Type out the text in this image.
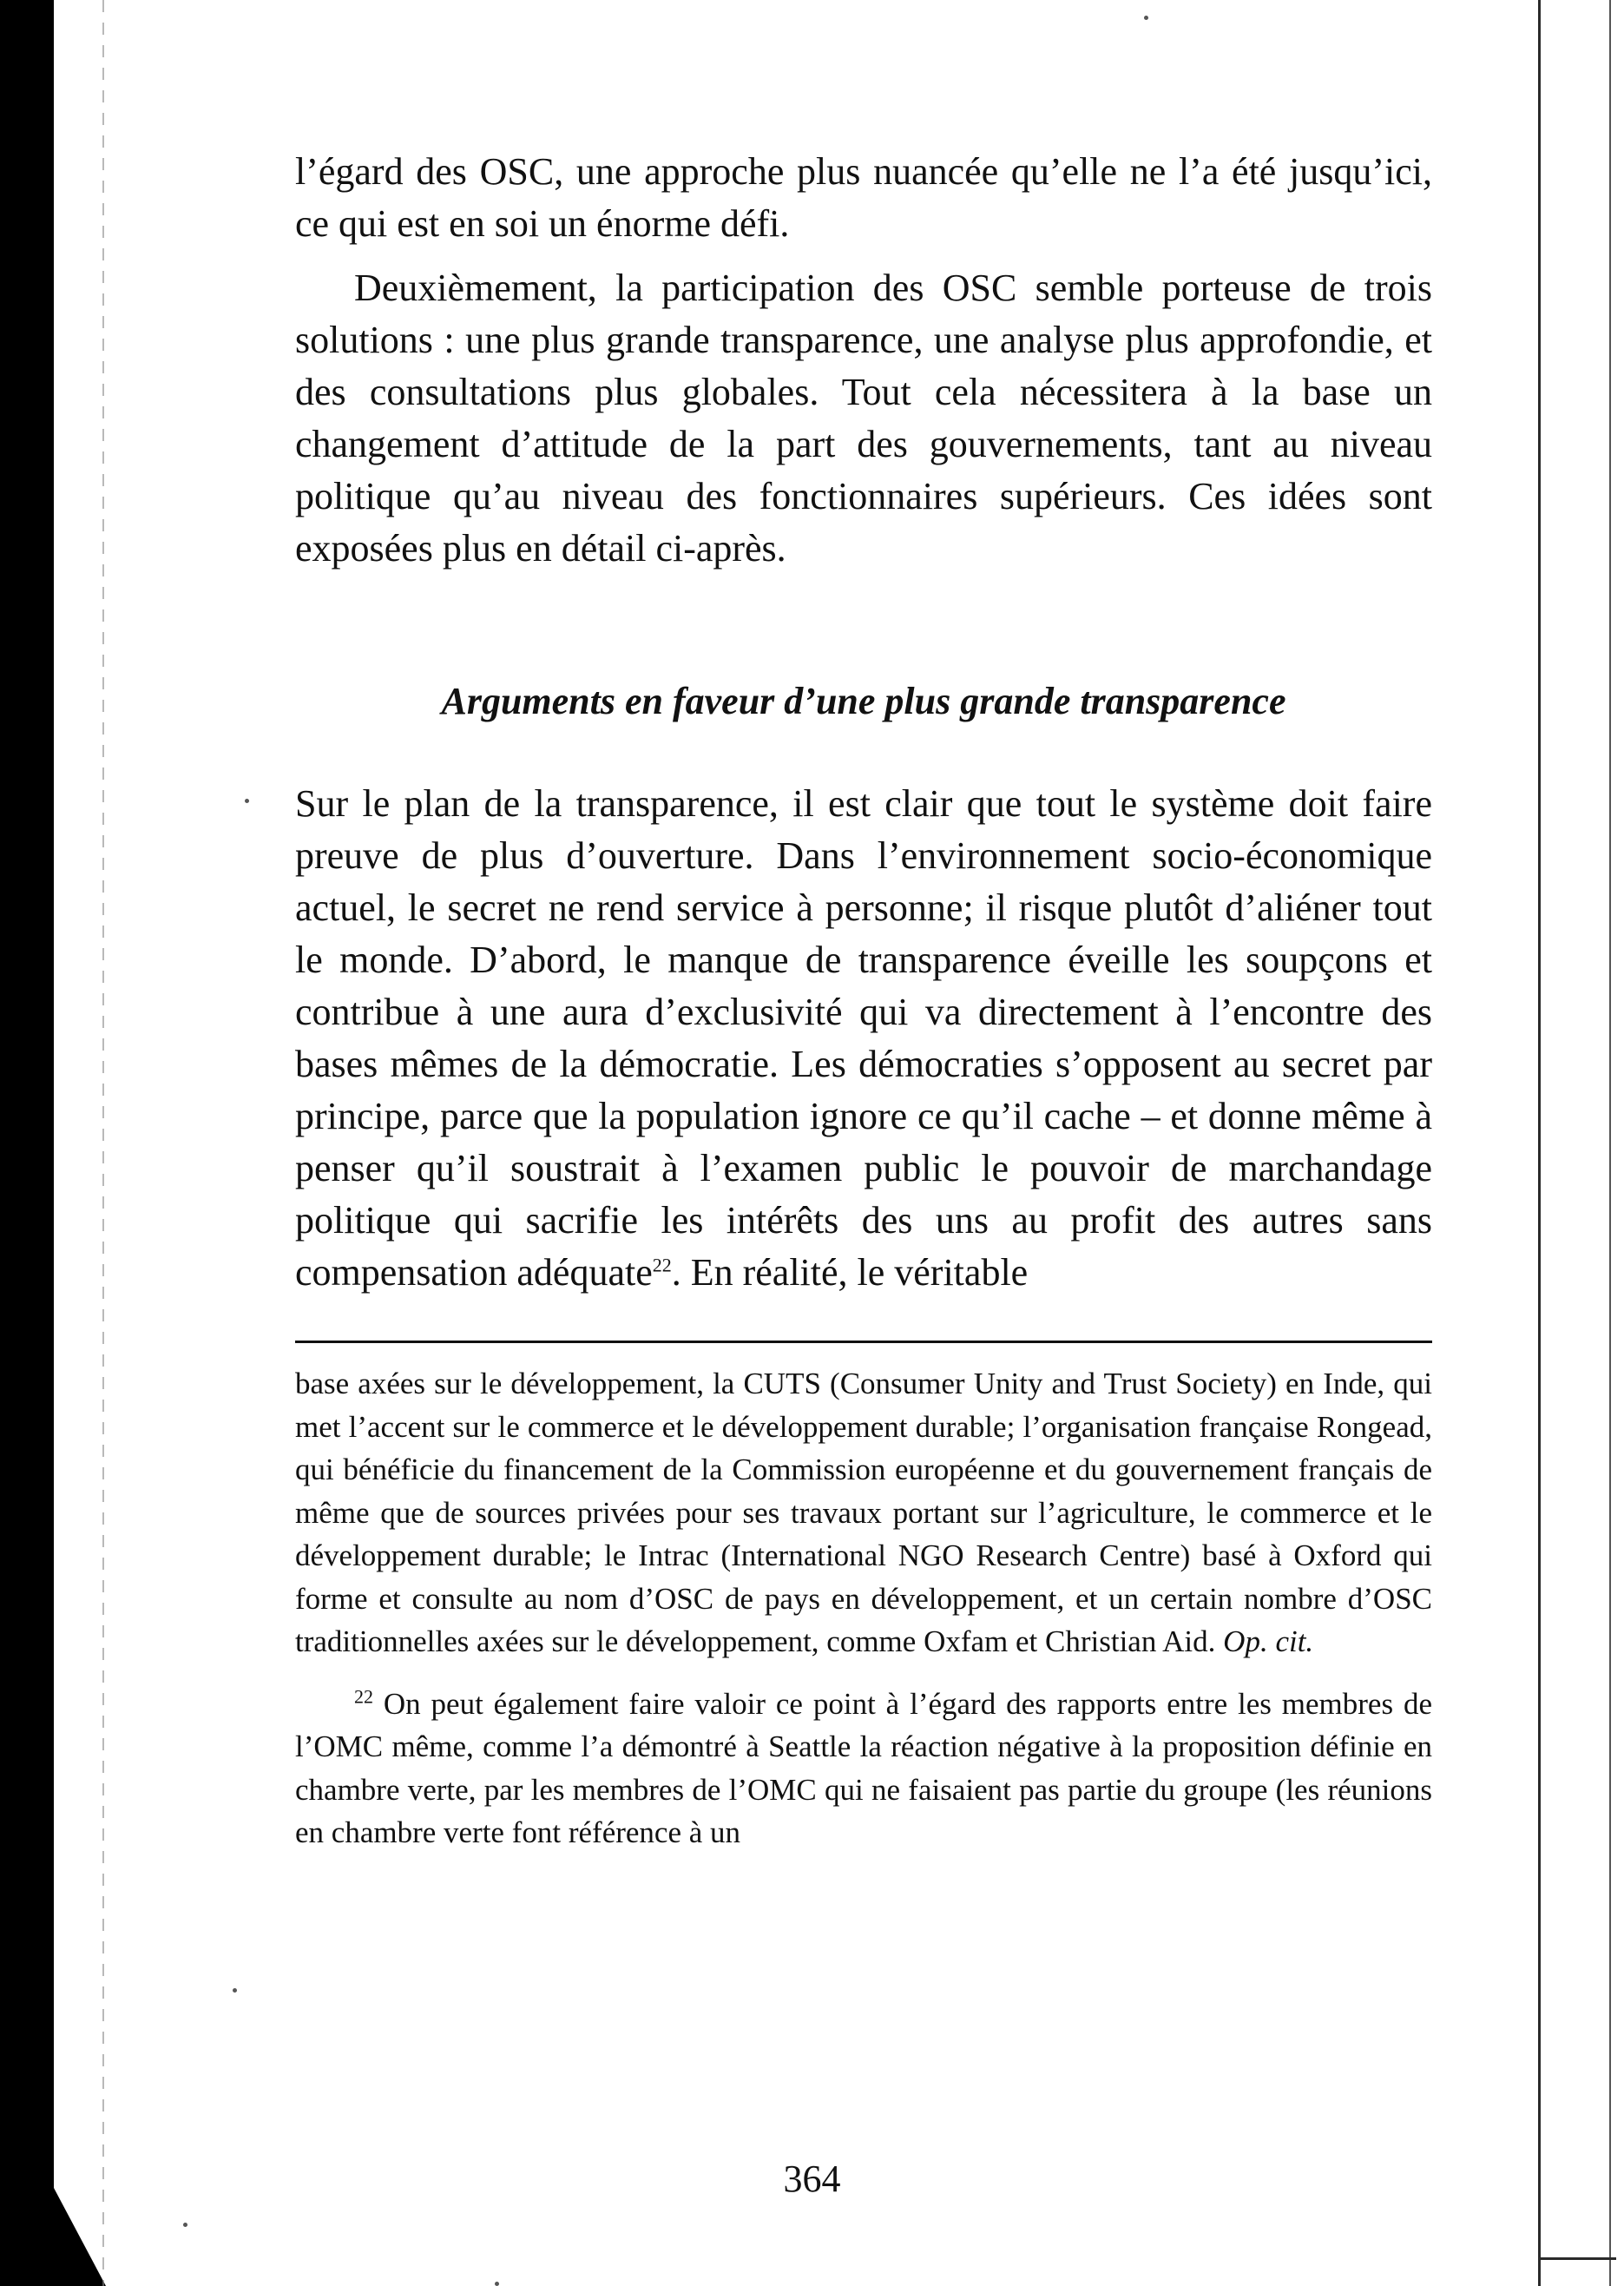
l’égard des OSC, une approche plus nuancée qu’elle ne l’a été jusqu’ici, ce qui est en soi un énorme défi.

Deuxièmement, la participation des OSC semble porteuse de trois solutions : une plus grande transparence, une analyse plus approfondie, et des consultations plus globales. Tout cela nécessitera à la base un changement d’attitude de la part des gouvernements, tant au niveau politique qu’au niveau des fonctionnaires supérieurs. Ces idées sont exposées plus en détail ci-après.

Arguments en faveur d’une plus grande transparence

Sur le plan de la transparence, il est clair que tout le système doit faire preuve de plus d’ouverture. Dans l’environnement socio-économique actuel, le secret ne rend service à personne; il risque plutôt d’aliéner tout le monde. D’abord, le manque de transparence éveille les soupçons et contribue à une aura d’exclusivité qui va directement à l’encontre des bases mêmes de la démocratie. Les démocraties s’opposent au secret par principe, parce que la population ignore ce qu’il cache – et donne même à penser qu’il soustrait à l’examen public le pouvoir de marchandage politique qui sacrifie les intérêts des uns au profit des autres sans compensation adéquate$^{22}$. En réalité, le véritable

base axées sur le développement, la CUTS (Consumer Unity and Trust Society) en Inde, qui met l’accent sur le commerce et le développement durable; l’organisation française Rongead, qui bénéficie du financement de la Commission européenne et du gouvernement français de même que de sources privées pour ses travaux portant sur l’agriculture, le commerce et le développement durable; le Intrac (International NGO Research Centre) basé à Oxford qui forme et consulte au nom d’OSC de pays en développement, et un certain nombre d’OSC traditionnelles axées sur le développement, comme Oxfam et Christian Aid. Op. cit.

$^{22}$ On peut également faire valoir ce point à l’égard des rapports entre les membres de l’OMC même, comme l’a démontré à Seattle la réaction négative à la proposition définie en chambre verte, par les membres de l’OMC qui ne faisaient pas partie du groupe (les réunions en chambre verte font référence à un

364
